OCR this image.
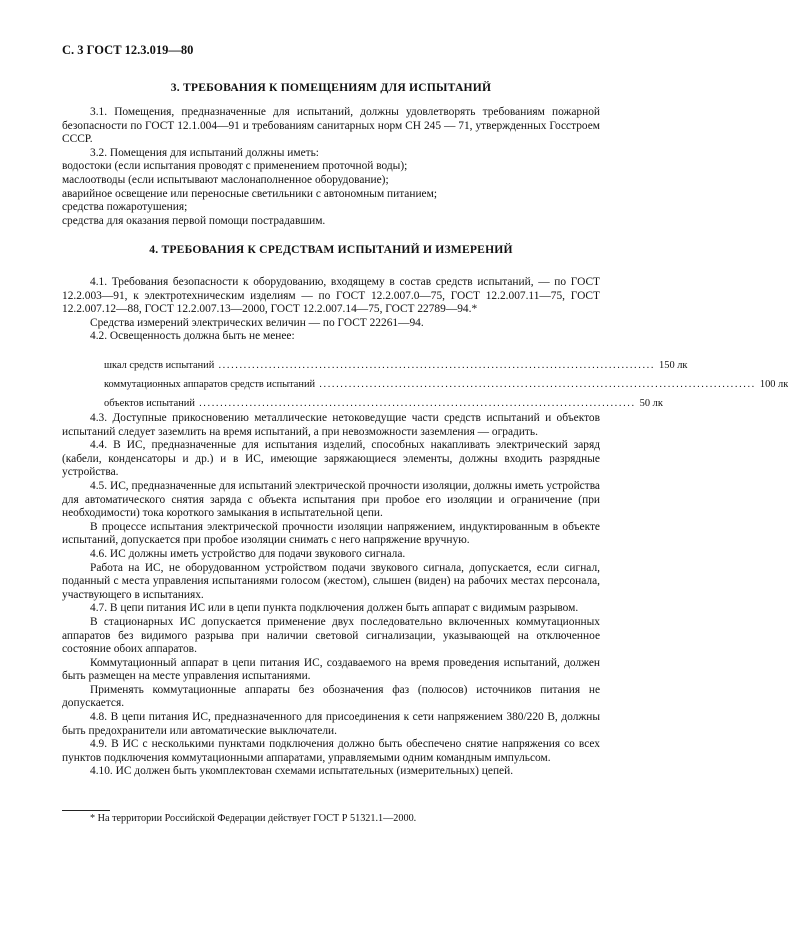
С. 3 ГОСТ 12.3.019—80
3. ТРЕБОВАНИЯ К ПОМЕЩЕНИЯМ ДЛЯ ИСПЫТАНИЙ

3.1. Помещения, предназначенные для испытаний, должны удовлетворять требованиям пожарной безопасности по ГОСТ 12.1.004—91 и требованиям санитарных норм СН 245 — 71, утвержденных Госстроем СССР.

3.2. Помещения для испытаний должны иметь:

водостоки (если испытания проводят с применением проточной воды);

маслоотводы (если испытывают маслонаполненное оборудование);

аварийное освещение или переносные светильники с автономным питанием;

средства пожаротушения;

средства для оказания первой помощи пострадавшим.

4. ТРЕБОВАНИЯ К СРЕДСТВАМ ИСПЫТАНИЙ И ИЗМЕРЕНИЙ

4.1. Требования безопасности к оборудованию, входящему в состав средств испытаний, — по ГОСТ 12.2.003—91, к электротехническим изделиям — по ГОСТ 12.2.007.0—75, ГОСТ 12.2.007.11—75, ГОСТ 12.2.007.12—88, ГОСТ 12.2.007.13—2000, ГОСТ 12.2.007.14—75, ГОСТ 22789—94.*

Средства измерений электрических величин — по ГОСТ 22261—94.

4.2. Освещенность должна быть не менее:

шкал средств испытаний ........................................................................................................ 150 лк
коммутационных аппаратов средств испытаний ........................................................................................................ 100 лк
объектов испытаний ........................................................................................................ 50 лк

4.3. Доступные прикосновению металлические нетоковедущие части средств испытаний и объектов испытаний следует заземлить на время испытаний, а при невозможности заземления — оградить.

4.4. В ИС, предназначенные для испытания изделий, способных накапливать электрический заряд (кабели, конденсаторы и др.) и в ИС, имеющие заряжающиеся элементы, должны входить разрядные устройства.

4.5. ИС, предназначенные для испытаний электрической прочности изоляции, должны иметь устройства для автоматического снятия заряда с объекта испытания при пробое его изоляции и ограничение (при необходимости) тока короткого замыкания в испытательной цепи.

В процессе испытания электрической прочности изоляции напряжением, индуктированным в объекте испытаний, допускается при пробое изоляции снимать с него напряжение вручную.

4.6. ИС должны иметь устройство для подачи звукового сигнала.

Работа на ИС, не оборудованном устройством подачи звукового сигнала, допускается, если сигнал, поданный с места управления испытаниями голосом (жестом), слышен (виден) на рабочих местах персонала, участвующего в испытаниях.

4.7. В цепи питания ИС или в цепи пункта подключения должен быть аппарат с видимым разрывом.

В стационарных ИС допускается применение двух последовательно включенных коммутационных аппаратов без видимого разрыва при наличии световой сигнализации, указывающей на отключенное состояние обоих аппаратов.

Коммутационный аппарат в цепи питания ИС, создаваемого на время проведения испытаний, должен быть размещен на месте управления испытаниями.

Применять коммутационные аппараты без обозначения фаз (полюсов) источников питания не допускается.

4.8. В цепи питания ИС, предназначенного для присоединения к сети напряжением 380/220 В, должны быть предохранители или автоматические выключатели.

4.9. В ИС с несколькими пунктами подключения должно быть обеспечено снятие напряжения со всех пунктов подключения коммутационными аппаратами, управляемыми одним командным импульсом.

4.10. ИС должен быть укомплектован схемами испытательных (измерительных) цепей.

* На территории Российской Федерации действует ГОСТ Р 51321.1—2000.
